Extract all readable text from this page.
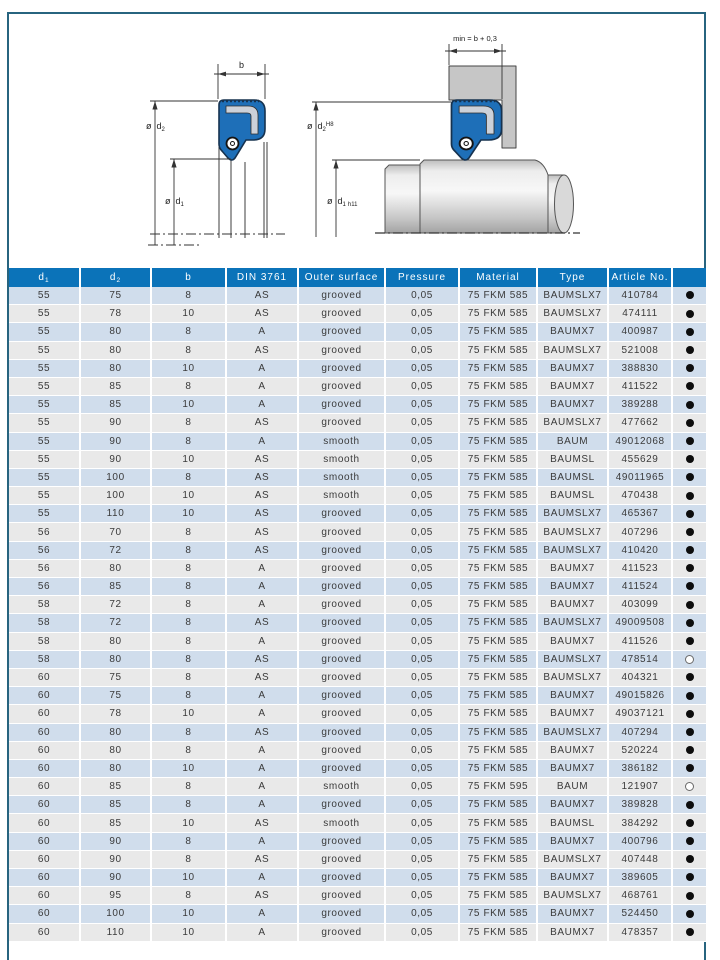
b
ø $d_2$
ø $d_1$
min = b + 0,3
ø $d_2^{H8}$
ø $d_1$ $_{h11}$
$d_1$	$d_2$	b	DIN 3761	Outer surface	Pressure	Material	Type	Article No.	
55	75	8	AS	grooved	0,05	75 FKM 585	BAUMSLX7	410784	
55	78	10	AS	grooved	0,05	75 FKM 585	BAUMSLX7	474111	
55	80	8	A	grooved	0,05	75 FKM 585	BAUMX7	400987	
55	80	8	AS	grooved	0,05	75 FKM 585	BAUMSLX7	521008	
55	80	10	A	grooved	0,05	75 FKM 585	BAUMX7	388830	
55	85	8	A	grooved	0,05	75 FKM 585	BAUMX7	411522	
55	85	10	A	grooved	0,05	75 FKM 585	BAUMX7	389288	
55	90	8	AS	grooved	0,05	75 FKM 585	BAUMSLX7	477662	
55	90	8	A	smooth	0,05	75 FKM 585	BAUM	49012068	
55	90	10	AS	smooth	0,05	75 FKM 585	BAUMSL	455629	
55	100	8	AS	smooth	0,05	75 FKM 585	BAUMSL	49011965	
55	100	10	AS	smooth	0,05	75 FKM 585	BAUMSL	470438	
55	110	10	AS	grooved	0,05	75 FKM 585	BAUMSLX7	465367	
56	70	8	AS	grooved	0,05	75 FKM 585	BAUMSLX7	407296	
56	72	8	AS	grooved	0,05	75 FKM 585	BAUMSLX7	410420	
56	80	8	A	grooved	0,05	75 FKM 585	BAUMX7	411523	
56	85	8	A	grooved	0,05	75 FKM 585	BAUMX7	411524	
58	72	8	A	grooved	0,05	75 FKM 585	BAUMX7	403099	
58	72	8	AS	grooved	0,05	75 FKM 585	BAUMSLX7	49009508	
58	80	8	A	grooved	0,05	75 FKM 585	BAUMX7	411526	
58	80	8	AS	grooved	0,05	75 FKM 585	BAUMSLX7	478514	
60	75	8	AS	grooved	0,05	75 FKM 585	BAUMSLX7	404321	
60	75	8	A	grooved	0,05	75 FKM 585	BAUMX7	49015826	
60	78	10	A	grooved	0,05	75 FKM 585	BAUMX7	49037121	
60	80	8	AS	grooved	0,05	75 FKM 585	BAUMSLX7	407294	
60	80	8	A	grooved	0,05	75 FKM 585	BAUMX7	520224	
60	80	10	A	grooved	0,05	75 FKM 585	BAUMX7	386182	
60	85	8	A	smooth	0,05	75 FKM 595	BAUM	121907	
60	85	8	A	grooved	0,05	75 FKM 585	BAUMX7	389828	
60	85	10	AS	smooth	0,05	75 FKM 585	BAUMSL	384292	
60	90	8	A	grooved	0,05	75 FKM 585	BAUMX7	400796	
60	90	8	AS	grooved	0,05	75 FKM 585	BAUMSLX7	407448	
60	90	10	A	grooved	0,05	75 FKM 585	BAUMX7	389605	
60	95	8	AS	grooved	0,05	75 FKM 585	BAUMSLX7	468761	
60	100	10	A	grooved	0,05	75 FKM 585	BAUMX7	524450	
60	110	10	A	grooved	0,05	75 FKM 585	BAUMX7	478357	
